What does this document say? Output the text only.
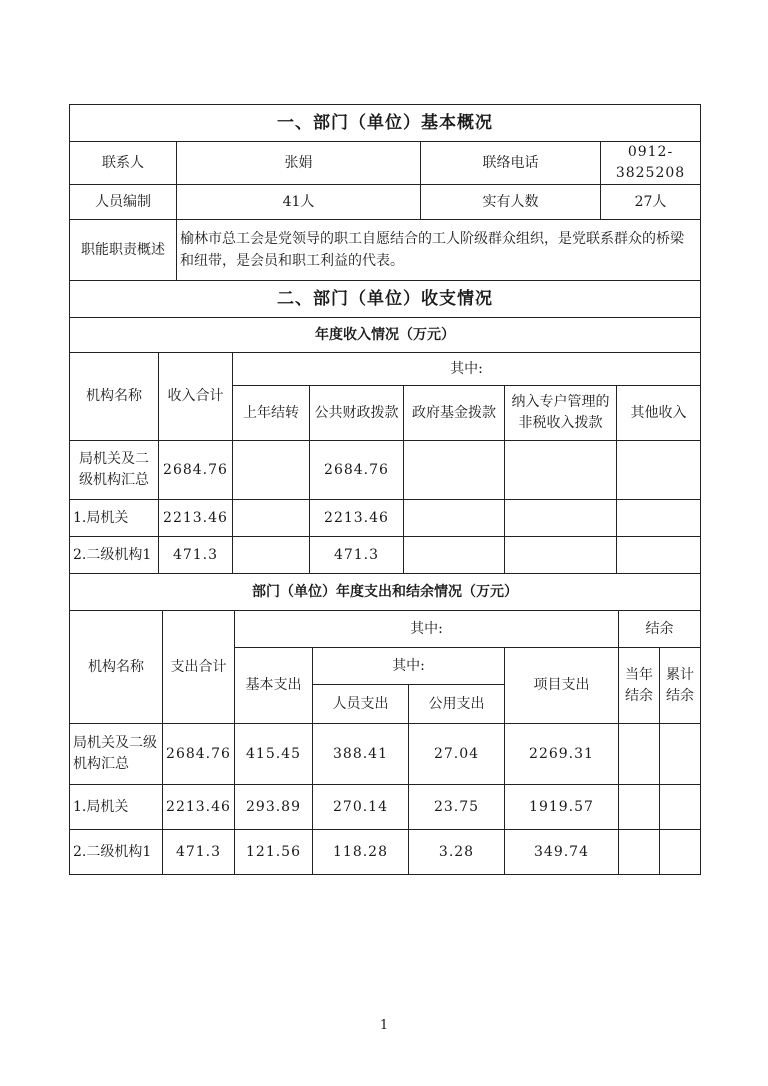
一、部门（单位）基本概况			
联系人	张娟	联络电话	0912-3825208
人员编制	41人	实有人数	27人
职能职责概述	榆林市总工会是党领导的职工自愿结合的工人阶级群众组织，是党联系群众的桥梁和纽带，是会员和职工利益的代表。		
二、部门（单位）收支情况			
年度收入情况（万元）						
机构名称	收入合计	其中:				
		上年结转	公共财政拨款	政府基金拨款	纳入专户管理的非税收入拨款	其他收入
局机关及二级机构汇总	2684.76		2684.76			
1.局机关	2213.46		2213.46			
2.二级机构1	471.3		471.3			
部门（单位）年度支出和结余情况（万元）							
机构名称	支出合计	其中:				结余	
		基本支出	其中:		项目支出	当年结余	累计结余
			人员支出	公用支出			
局机关及二级机构汇总	2684.76	415.45	388.41	27.04	2269.31		
1.局机关	2213.46	293.89	270.14	23.75	1919.57		
2.二级机构1	471.3	121.56	118.28	3.28	349.74		
1
